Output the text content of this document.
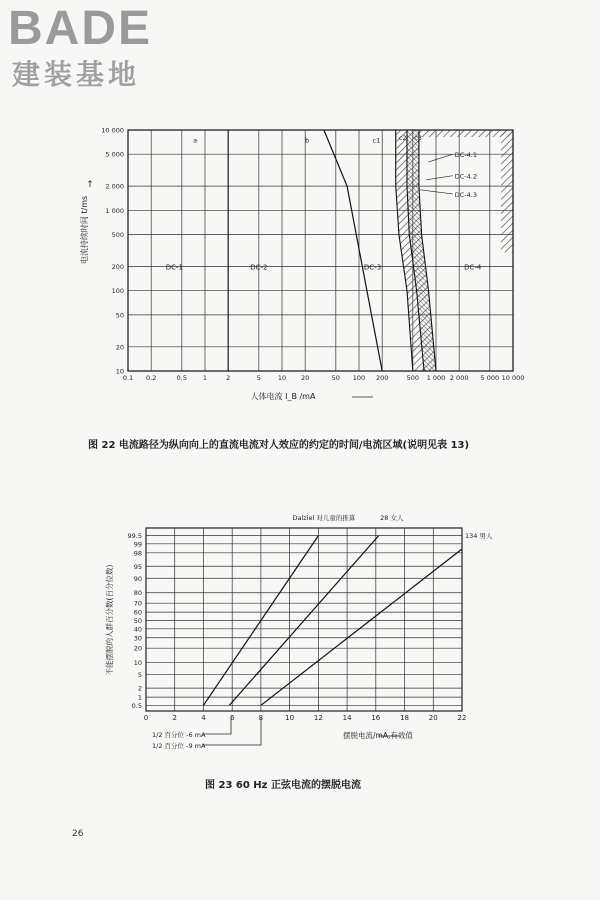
BADE
建装基地
0.1 0.2	0.5 1	2	5	10 20	50 100 200	500 1 000 2 000 5 000 10 000
10
20
50
100
200
500
1 000
2 000
5 000
10 000
a	b	c1	c2 c3
DC-1	DC-2	DC-3	DC-4
DC-4.1
DC-4.2
DC-4.3
电流持续时间 t/ms
↑
人体电流 I_B /mA
0	2	4	6	8	10	12	14	16	18	20	22
0.5
1
2
5
10
20
30
40
50
60
70
80
90
95
98
99
99.5
Dalziel 对儿童的推算	28 女人
134 男人
不能摆脱的人群百分数(百分位数)
摆脱电流/mA,有效值
1/2 百分位 -6 mA
1/2 百分位 -9 mA
图 22 电流路径为纵向向上的直流电流对人效应的约定的时间/电流区域(说明见表 13)
图 23 60 Hz 正弦电流的摆脱电流
26
